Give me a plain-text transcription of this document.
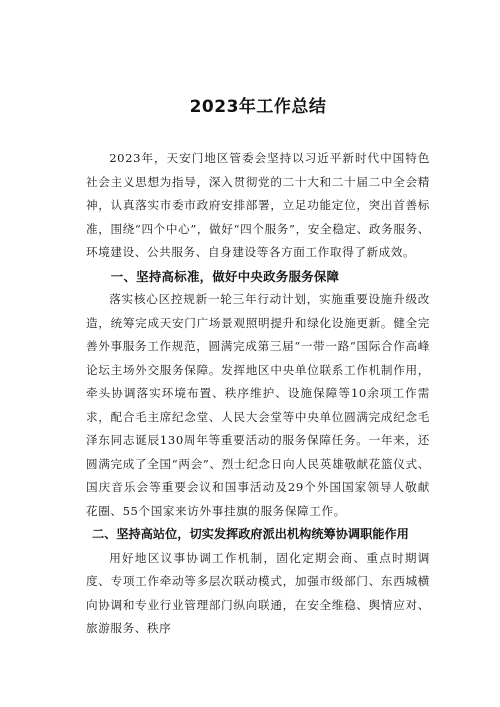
2023年工作总结

2023年，天安门地区管委会坚持以习近平新时代中国特色社会主义思想为指导，深入贯彻党的二十大和二十届二中全会精神，认真落实市委市政府安排部署，立足功能定位，突出首善标准，围绕“四个中心”，做好“四个服务”，安全稳定、政务服务、环境建设、公共服务、自身建设等各方面工作取得了新成效。

一、坚持高标准，做好中央政务服务保障

落实核心区控规新一轮三年行动计划，实施重要设施升级改造，统筹完成天安门广场景观照明提升和绿化设施更新。健全完善外事服务工作规范，圆满完成第三届“一带一路”国际合作高峰论坛主场外交服务保障。发挥地区中央单位联系工作机制作用，牵头协调落实环境布置、秩序维护、设施保障等10余项工作需求，配合毛主席纪念堂、人民大会堂等中央单位圆满完成纪念毛泽东同志诞辰130周年等重要活动的服务保障任务。一年来，还圆满完成了全国“两会”、烈士纪念日向人民英雄敬献花篮仪式、国庆音乐会等重要会议和国事活动及29个外国国家领导人敬献花圈、55个国家来访外事挂旗的服务保障工作。

二、坚持高站位，切实发挥政府派出机构统筹协调职能作用

用好地区议事协调工作机制，固化定期会商、重点时期调度、专项工作牵动等多层次联动模式，加强市级部门、东西城横向协调和专业行业管理部门纵向联通，在安全维稳、舆情应对、旅游服务、秩序
